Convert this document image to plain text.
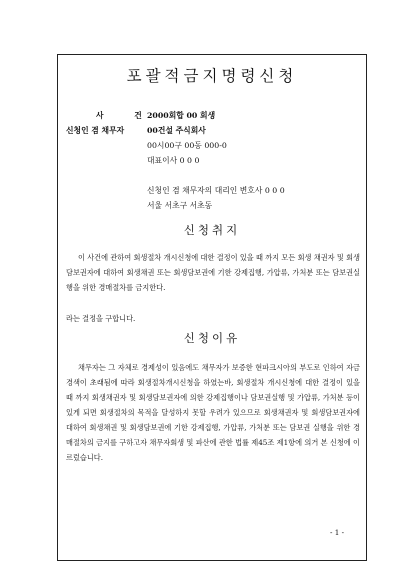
포괄적금지명령신청
사 건 2000회합 00 회생
신청인 겸 채무자	00건설 주식회사
00시00구 00동 000-0
대표이사 0 0 0
신청인 겸 채무자의 대리인 변호사 0 0 0
서울 서초구 서초동
신청취지
이 사건에 관하여 회생절차 개시신청에 대한 결정이 있을 때 까지 모든 회생 채권자 및 회생담보권자에 대하여 회생채권 또는 회생담보권에 기한 강제집행, 가압류, 가처분 또는 담보권실행을 위한 경매절차를 금지한다.
라는 결정을 구합니다.
신청이유
채무자는 그 자체로 경제성이 있음에도 채무자가 보증한 현파크시아의 부도로 인하여 자금경색이 초래됨에 따라 회생절차개시신청을 하였는바, 회생절차 개시신청에 대한 결정이 있을 때 까지 회생채권자 및 회생담보권자에 의한 강제집행이나 담보권실행 및 가압류, 가처분 등이 있게 되면 회생절차의 목적을 달성하지 못할 우려가 있으므로 회생채권자 및 회생담보권자에 대하여 회생채권 및 회생담보권에 기한 강제집행, 가압류, 가처분 또는 담보권 실행을 위한 경매절차의 금지를 구하고자 채무자회생 및 파산에 관한 법률 제45조 제1항에 의거 본 신청에 이르렀습니다.
- 1 -
